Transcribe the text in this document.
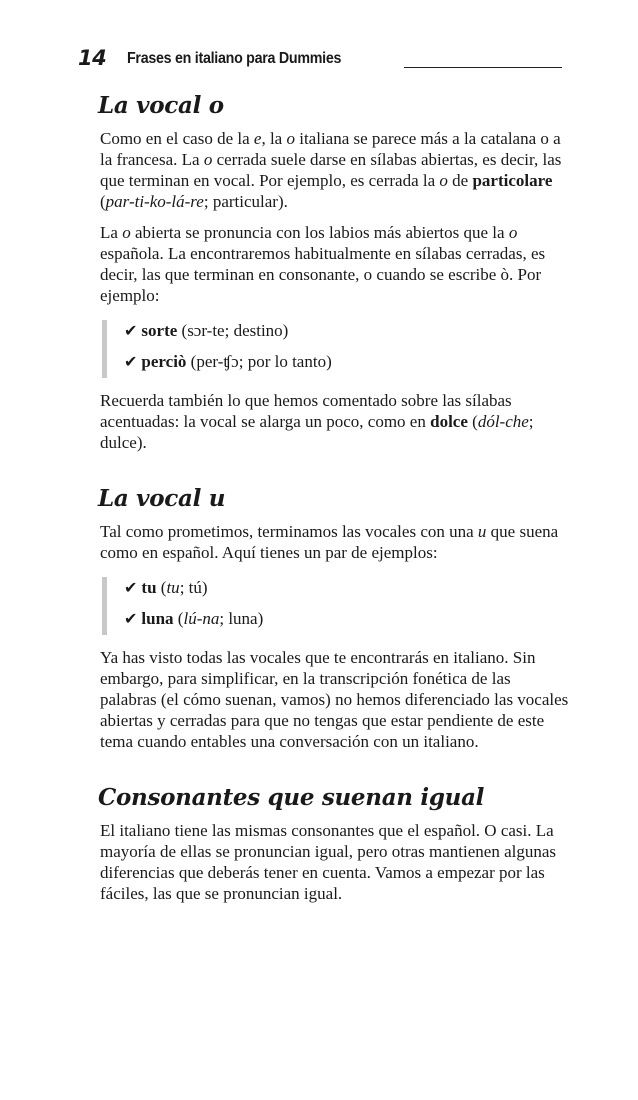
14 Frases en italiano para Dummies
La vocal o

Como en el caso de la e, la o italiana se parece más a la catalana o a la francesa. La o cerrada suele darse en sílabas abiertas, es decir, las que terminan en vocal. Por ejemplo, es cerrada la o de particolare
(par-ti-ko-lá-re; particular).

La o abierta se pronuncia con los labios más abiertos que la o española. La encontraremos habitualmente en sílabas cerradas, es decir, las que terminan en consonante, o cuando se escribe ò. Por ejemplo:

✔ sorte (sɔr-te; destino)
✔ perciò (per-ʧɔ; por lo tanto)

Recuerda también lo que hemos comentado sobre las sílabas acentuadas: la vocal se alarga un poco, como en dolce (dól-che; dulce).

La vocal u

Tal como prometimos, terminamos las vocales con una u que suena como en español. Aquí tienes un par de ejemplos:

✔ tu (tu; tú)
✔ luna (lú-na; luna)

Ya has visto todas las vocales que te encontrarás en italiano. Sin embargo, para simplificar, en la transcripción fonética de las palabras (el cómo suenan, vamos) no hemos diferenciado las vocales abiertas y cerradas para que no tengas que estar pendiente de este tema cuando entables una conversación con un italiano.

Consonantes que suenan igual

El italiano tiene las mismas consonantes que el español. O casi. La mayoría de ellas se pronuncian igual, pero otras mantienen algunas diferencias que deberás tener en cuenta. Vamos a empezar por las fáciles, las que se pronuncian igual.
